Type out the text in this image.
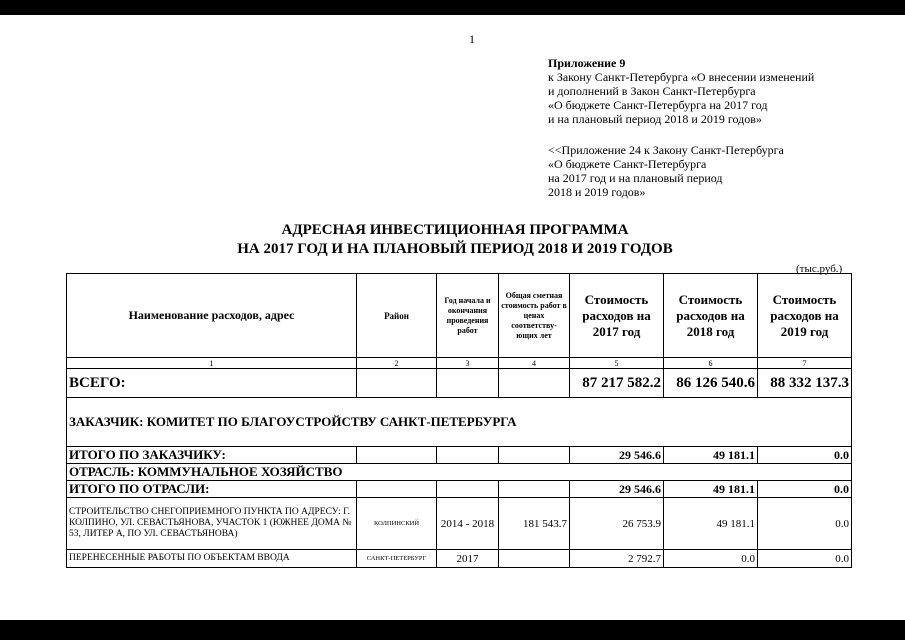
1
Приложение 9
к Закону Санкт-Петербурга «О внесении изменений
и дополнений в Закон Санкт-Петербурга
«О бюджете Санкт-Петербурга на 2017 год
и на плановый период 2018 и 2019 годов»
<<Приложение 24 к Закону Санкт-Петербурга
«О бюджете Санкт-Петербурга
на 2017 год и на плановый период
2018 и 2019 годов»
АДРЕСНАЯ ИНВЕСТИЦИОННАЯ ПРОГРАММА
НА 2017 ГОД И НА ПЛАНОВЫЙ ПЕРИОД 2018 И 2019 ГОДОВ
(тыс.руб.)
Наименование расходов, адрес	Район	Год начала и окончания проведения работ	Общая сметная стоимость работ в ценах соответству-ющих лет	Стоимость расходов на 2017 год	Стоимость расходов на 2018 год	Стоимость расходов на 2019 год
1	2	3	4	5	6	7
ВСЕГО:				87 217 582.2	86 126 540.6	88 332 137.3
ЗАКАЗЧИК: КОМИТЕТ ПО БЛАГОУСТРОЙСТВУ САНКТ-ПЕТЕРБУРГА						
ИТОГО ПО ЗАКАЗЧИКУ:				29 546.6	49 181.1	0.0
ОТРАСЛЬ: КОММУНАЛЬНОЕ ХОЗЯЙСТВО						
ИТОГО ПО ОТРАСЛИ:				29 546.6	49 181.1	0.0
СТРОИТЕЛЬСТВО СНЕГОПРИЕМНОГО ПУНКТА ПО АДРЕСУ: Г. КОЛПИНО, УЛ. СЕВАСТЬЯНОВА, УЧАСТОК 1 (ЮЖНЕЕ ДОМА № 53, ЛИТЕР А, ПО УЛ. СЕВАСТЬЯНОВА)	КОЛПИНСКИЙ	2014 - 2018	181 543.7	26 753.9	49 181.1	0.0
ПЕРЕНЕСЕННЫЕ РАБОТЫ ПО ОБЪЕКТАМ ВВОДА	САНКТ-ПЕТЕРБУРГ	2017		2 792.7	0.0	0.0
